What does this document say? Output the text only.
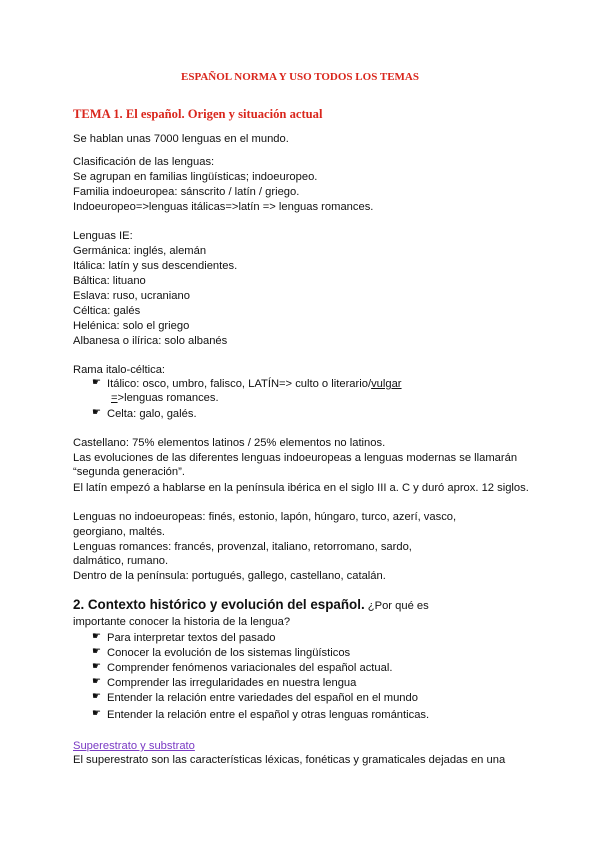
ESPAÑOL NORMA Y USO TODOS LOS TEMAS
TEMA 1. El español. Origen y situación actual
Se hablan unas 7000 lenguas en el mundo.
Clasificación de las lenguas:
Se agrupan en familias lingüísticas; indoeuropeo.
Familia indoeuropea: sánscrito / latín / griego.
Indoeuropeo=>lenguas itálicas=>latín => lenguas romances.
Lenguas IE:
Germánica: inglés, alemán
Itálica: latín y sus descendientes.
Báltica: lituano
Eslava: ruso, ucraniano
Céltica: galés
Helénica: solo el griego
Albanesa o ilírica: solo albanés
Rama italo-céltica:
☛ Itálico: osco, umbro, falisco, LATÍN=> culto o literario/vulgar
=>lenguas romances.
☛ Celta: galo, galés.
Castellano: 75% elementos latinos / 25% elementos no latinos.
Las evoluciones de las diferentes lenguas indoeuropeas a lenguas modernas se llamarán
“segunda generación”.
El latín empezó a hablarse en la península ibérica en el siglo III a. C y duró aprox. 12 siglos.
Lenguas no indoeuropeas: finés, estonio, lapón, húngaro, turco, azerí, vasco,
georgiano, maltés.
Lenguas romances: francés, provenzal, italiano, retorromano, sardo,
dalmático, rumano.
Dentro de la península: portugués, gallego, castellano, catalán.
2. Contexto histórico y evolución del español. ¿Por qué es
importante conocer la historia de la lengua?
☛ Para interpretar textos del pasado
☛ Conocer la evolución de los sistemas lingüísticos
☛ Comprender fenómenos variacionales del español actual.
☛ Comprender las irregularidades en nuestra lengua
☛ Entender la relación entre variedades del español en el mundo
☛ Entender la relación entre el español y otras lenguas románticas.
Superestrato y substrato
El superestrato son las características léxicas, fonéticas y gramaticales dejadas en una
